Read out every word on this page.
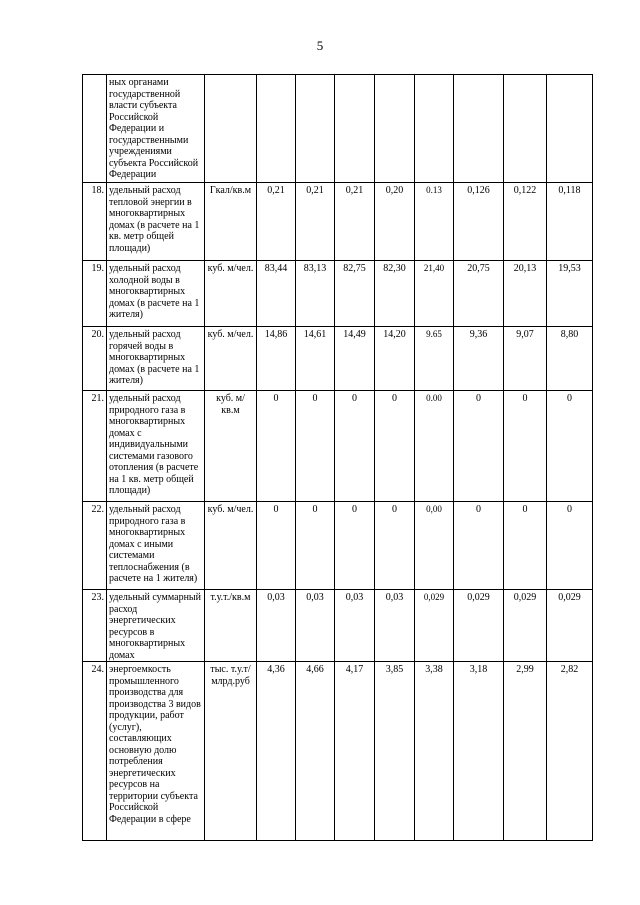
5
	ных органами государственной власти субъекта Российской Федерации и государственными учреждениями субъекта Российской Федерации									
18.	удельный расход тепловой энергии в многоквартирных домах (в расчете на 1 кв. метр общей площади)	Гкал/кв.м	0,21	0,21	0,21	0,20	0.13	0,126	0,122	0,118
19.	удельный расход холодной воды в многоквартирных домах (в расчете на 1 жителя)	куб. м/чел.	83,44	83,13	82,75	82,30	21,40	20,75	20,13	19,53
20.	удельный расход горячей воды в многоквартирных домах (в расчете на 1 жителя)	куб. м/чел.	14,86	14,61	14,49	14,20	9.65	9,36	9,07	8,80
21.	удельный расход природного газа в многоквартирных домах с индивидуальными системами газового отопления (в расчете на 1 кв. метр общей площади)	куб. м/кв.м	0	0	0	0	0.00	0	0	0
22.	удельный расход природного газа в многоквартирных домах с иными системами теплоснабжения (в расчете на 1 жителя)	куб. м/чел.	0	0	0	0	0,00	0	0	0
23.	удельный суммарный расход энергетических ресурсов в многоквартирных домах	т.у.т./кв.м	0,03	0,03	0,03	0,03	0,029	0,029	0,029	0,029
24.	энергоемкость промышленного производства для производства 3 видов продукции, работ (услуг), составляющих основную долю потребления энергетических ресурсов на территории субъекта Российской Федерации в сфере	тыс. т.у.т/млрд.руб	4,36	4,66	4,17	3,85	3,38	3,18	2,99	2,82
